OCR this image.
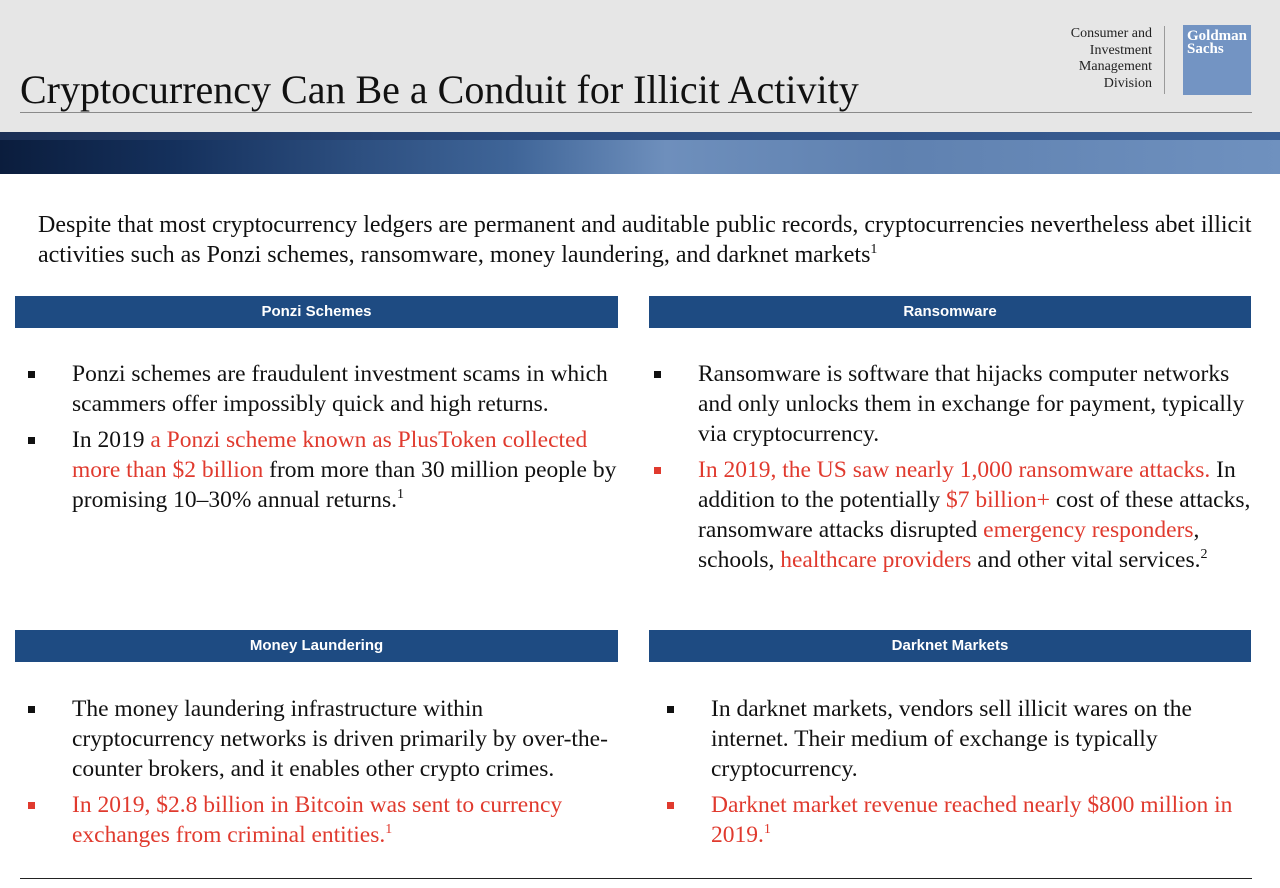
Cryptocurrency Can Be a Conduit for Illicit Activity
Consumer and
Investment
Management
Division
Goldman
Sachs

Despite that most cryptocurrency ledgers are permanent and auditable public records, cryptocurrencies nevertheless abet illicit activities such as Ponzi schemes, ransomware, money laundering, and darknet markets$^1$

Ponzi Schemes
Ponzi schemes are fraudulent investment scams in which scammers offer impossibly quick and high returns.
In 2019 a Ponzi scheme known as PlusToken collected more than $2 billion from more than 30 million people by promising 10–30% annual returns.$^1$
Ransomware
Ransomware is software that hijacks computer networks and only unlocks them in exchange for payment, typically via cryptocurrency.
In 2019, the US saw nearly 1,000 ransomware attacks. In addition to the potentially $7 billion+ cost of these attacks, ransomware attacks disrupted emergency responders, schools, healthcare providers and other vital services.$^2$
Money Laundering
The money laundering infrastructure within cryptocurrency networks is driven primarily by over-the-counter brokers, and it enables other crypto crimes.
In 2019, $2.8 billion in Bitcoin was sent to currency exchanges from criminal entities.$^1$
Darknet Markets
In darknet markets, vendors sell illicit wares on the internet. Their medium of exchange is typically cryptocurrency.
Darknet market revenue reached nearly $800 million in 2019.$^1$
